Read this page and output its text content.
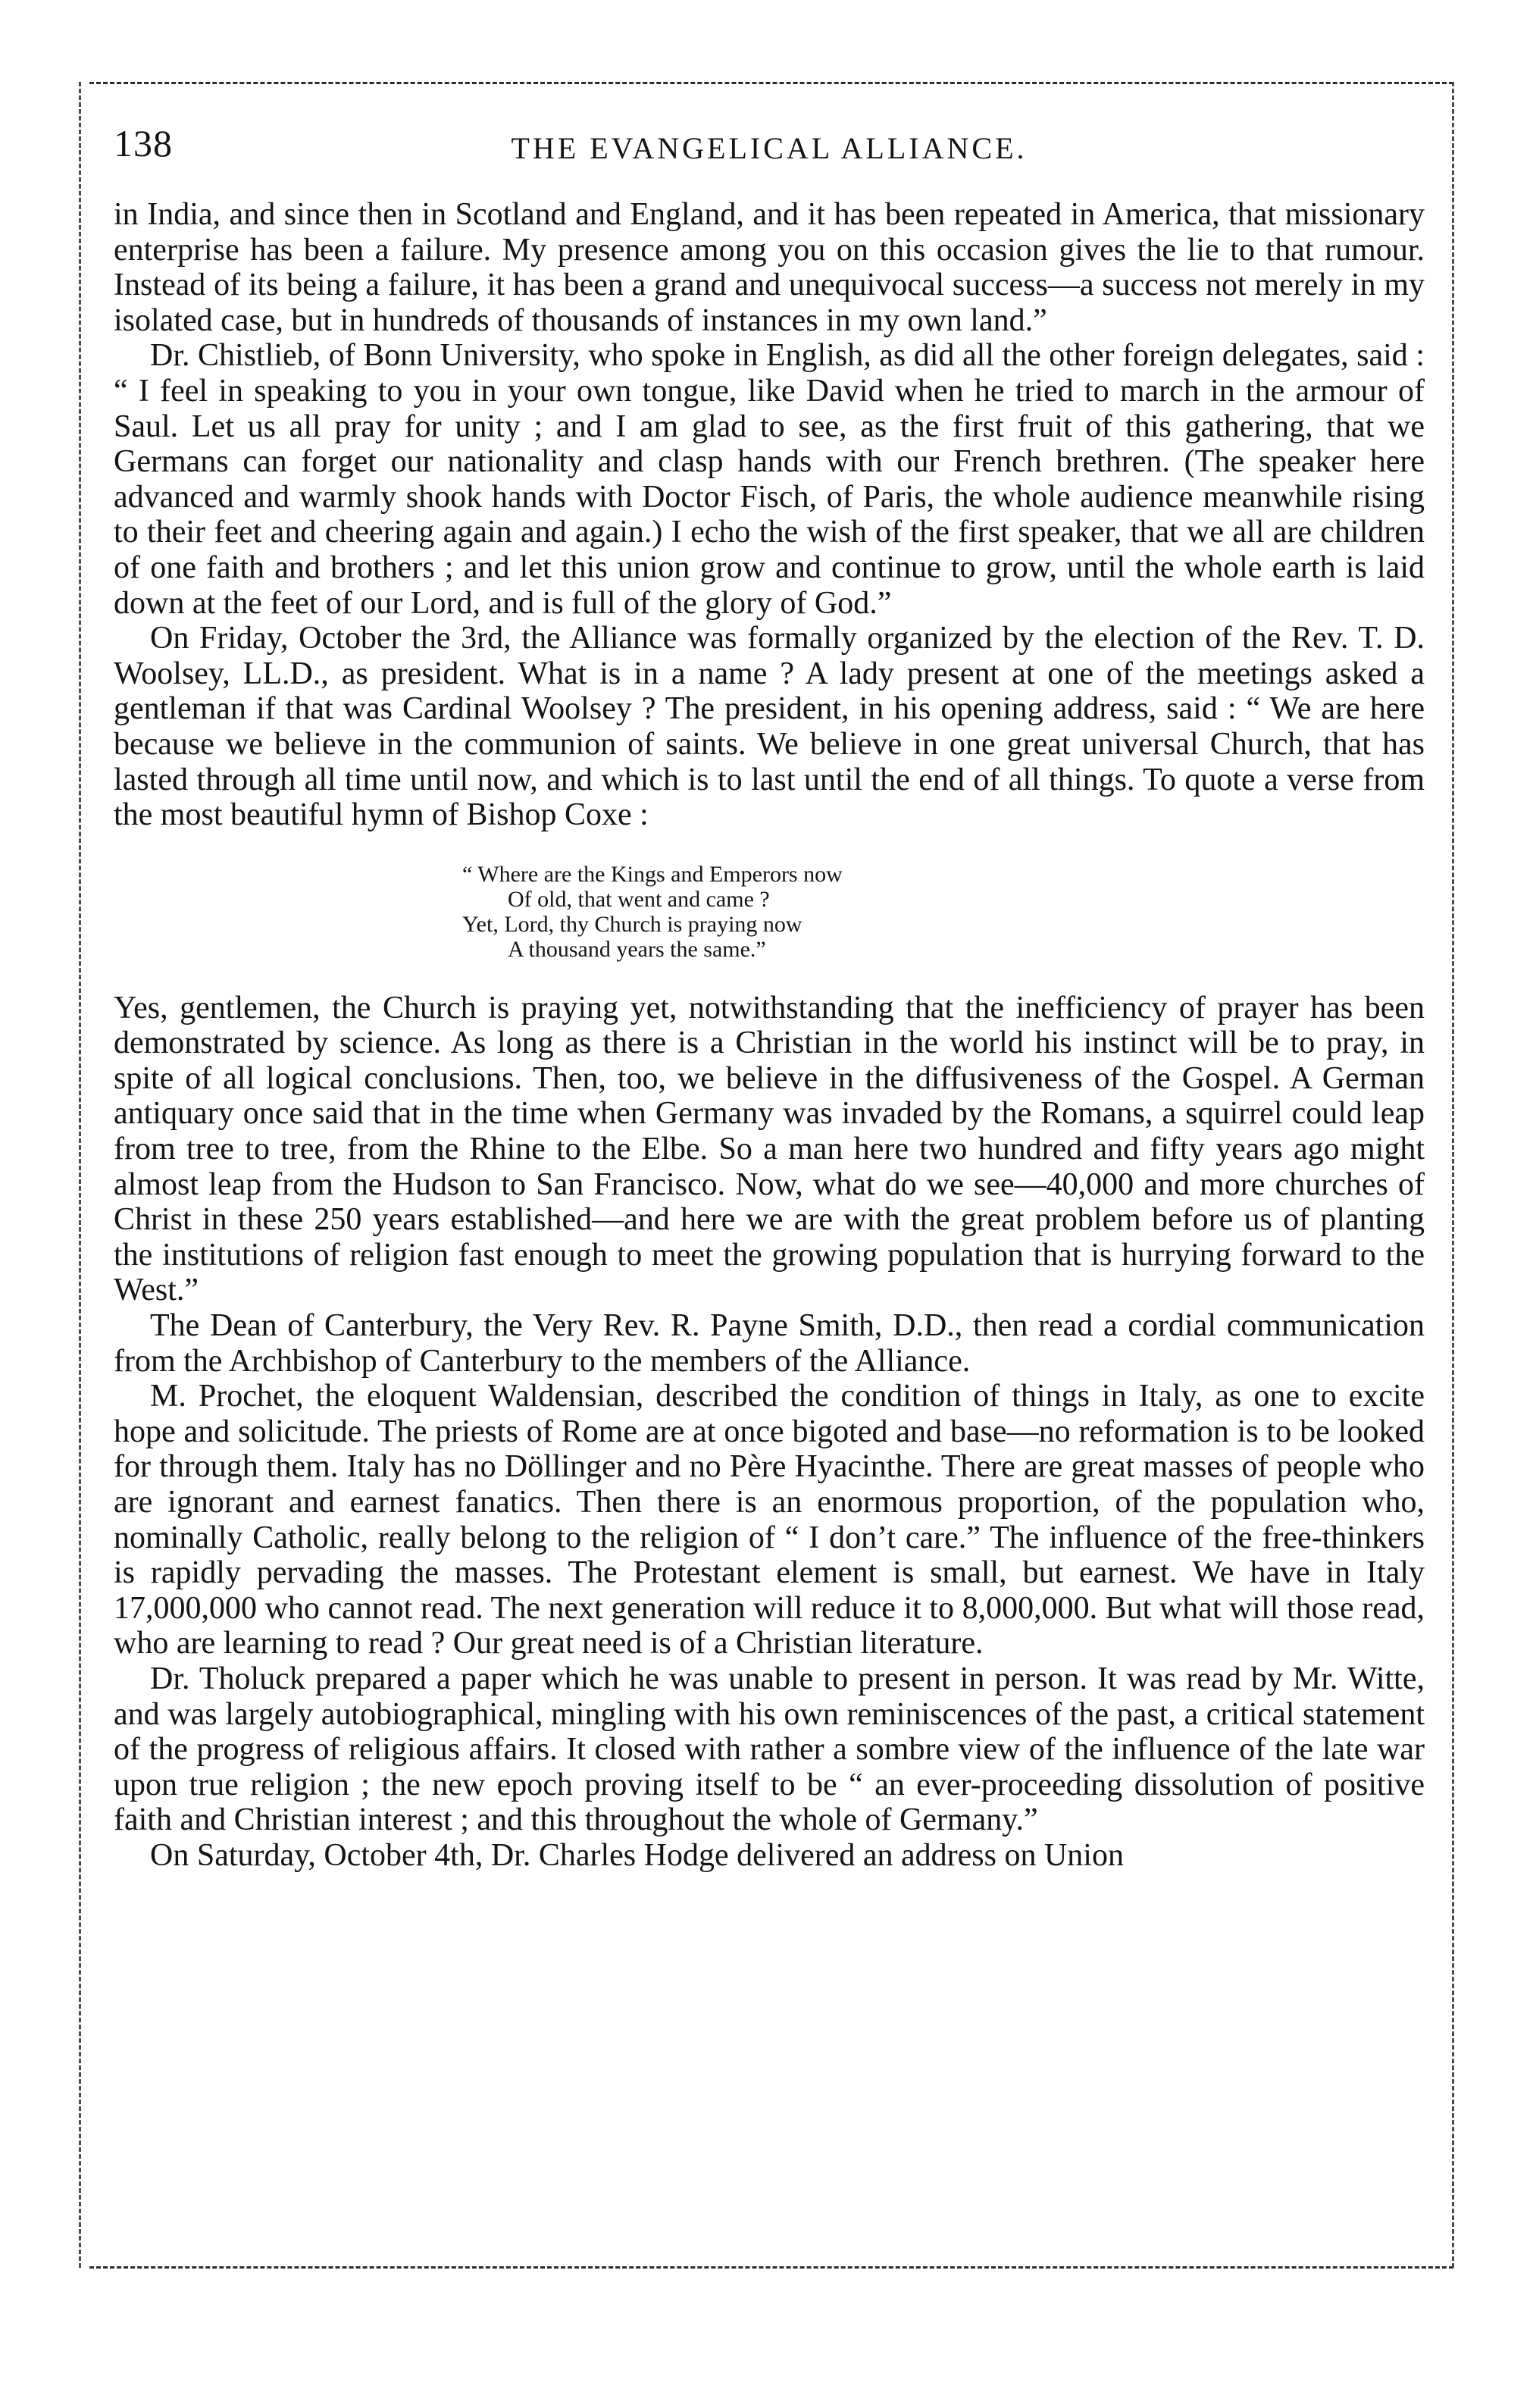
138	THE EVANGELICAL ALLIANCE.

in India, and since then in Scotland and England, and it has been repeated in America, that missionary enterprise has been a failure. My presence among you on this occasion gives the lie to that rumour. Instead of its being a failure, it has been a grand and unequivocal success—a success not merely in my isolated case, but in hundreds of thousands of instances in my own land.”

Dr. Chistlieb, of Bonn University, who spoke in English, as did all the other foreign delegates, said : “ I feel in speaking to you in your own tongue, like David when he tried to march in the armour of Saul. Let us all pray for unity ; and I am glad to see, as the first fruit of this gathering, that we Germans can forget our nationality and clasp hands with our French brethren. (The speaker here advanced and warmly shook hands with Doctor Fisch, of Paris, the whole audience meanwhile rising to their feet and cheering again and again.) I echo the wish of the first speaker, that we all are children of one faith and brothers ; and let this union grow and continue to grow, until the whole earth is laid down at the feet of our Lord, and is full of the glory of God.”

On Friday, October the 3rd, the Alliance was formally organized by the election of the Rev. T. D. Woolsey, LL.D., as president. What is in a name ? A lady present at one of the meetings asked a gentleman if that was Cardinal Woolsey ? The president, in his opening address, said : “ We are here because we believe in the communion of saints. We believe in one great universal Church, that has lasted through all time until now, and which is to last until the end of all things. To quote a verse from the most beautiful hymn of Bishop Coxe :

“ Where are the Kings and Emperors now
Of old, that went and came ?
Yet, Lord, thy Church is praying now
A thousand years the same.”

Yes, gentlemen, the Church is praying yet, notwithstanding that the inefficiency of prayer has been demonstrated by science. As long as there is a Christian in the world his instinct will be to pray, in spite of all logical conclusions. Then, too, we believe in the diffusiveness of the Gospel. A German antiquary once said that in the time when Germany was invaded by the Romans, a squirrel could leap from tree to tree, from the Rhine to the Elbe. So a man here two hundred and fifty years ago might almost leap from the Hudson to San Francisco. Now, what do we see—40,000 and more churches of Christ in these 250 years established—and here we are with the great problem before us of planting the institutions of religion fast enough to meet the growing population that is hurrying forward to the West.”

The Dean of Canterbury, the Very Rev. R. Payne Smith, D.D., then read a cordial communication from the Archbishop of Canterbury to the members of the Alliance.

M. Prochet, the eloquent Waldensian, described the condition of things in Italy, as one to excite hope and solicitude. The priests of Rome are at once bigoted and base—no reformation is to be looked for through them. Italy has no Döllinger and no Père Hyacinthe. There are great masses of people who are ignorant and earnest fanatics. Then there is an enormous proportion, of the population who, nominally Catholic, really belong to the religion of “ I don’t care.” The influence of the free-thinkers is rapidly pervading the masses. The Protestant element is small, but earnest. We have in Italy 17,000,000 who cannot read. The next generation will reduce it to 8,000,000. But what will those read, who are learning to read ? Our great need is of a Christian literature.

Dr. Tholuck prepared a paper which he was unable to present in person. It was read by Mr. Witte, and was largely autobiographical, mingling with his own reminiscences of the past, a critical statement of the progress of religious affairs. It closed with rather a sombre view of the influence of the late war upon true religion ; the new epoch proving itself to be “ an ever-proceeding dissolution of positive faith and Christian interest ; and this throughout the whole of Germany.”

On Saturday, October 4th, Dr. Charles Hodge delivered an address on Union
